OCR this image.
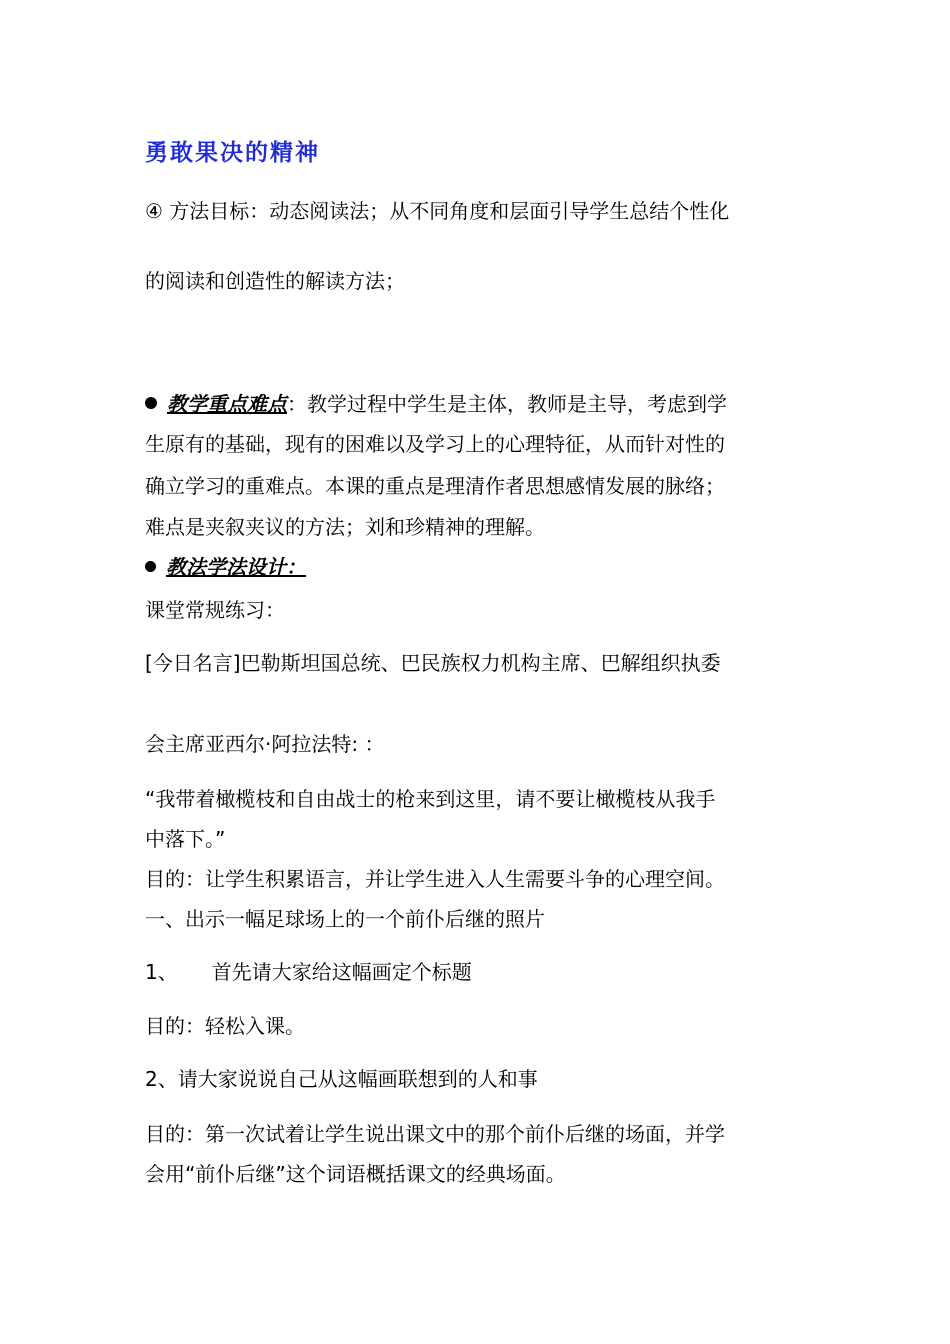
勇敢果决的精神
④ 方法目标：动态阅读法；从不同角度和层面引导学生总结个性化
的阅读和创造性的解读方法；
教学重点难点：教学过程中学生是主体，教师是主导，考虑到学
生原有的基础，现有的困难以及学习上的心理特征，从而针对性的
确立学习的重难点。本课的重点是理清作者思想感情发展的脉络；
难点是夹叙夹议的方法；刘和珍精神的理解。
教法学法设计：
课堂常规练习：
[今日名言]巴勒斯坦国总统、巴民族权力机构主席、巴解组织执委
会主席亚西尔·阿拉法特: ：
“我带着橄榄枝和自由战士的枪来到这里，请不要让橄榄枝从我手
中落下。”
目的：让学生积累语言，并让学生进入人生需要斗争的心理空间。
一、出示一幅足球场上的一个前仆后继的照片
1、 首先请大家给这幅画定个标题
目的：轻松入课。
2、请大家说说自己从这幅画联想到的人和事
目的：第一次试着让学生说出课文中的那个前仆后继的场面，并学
会用“前仆后继”这个词语概括课文的经典场面。
